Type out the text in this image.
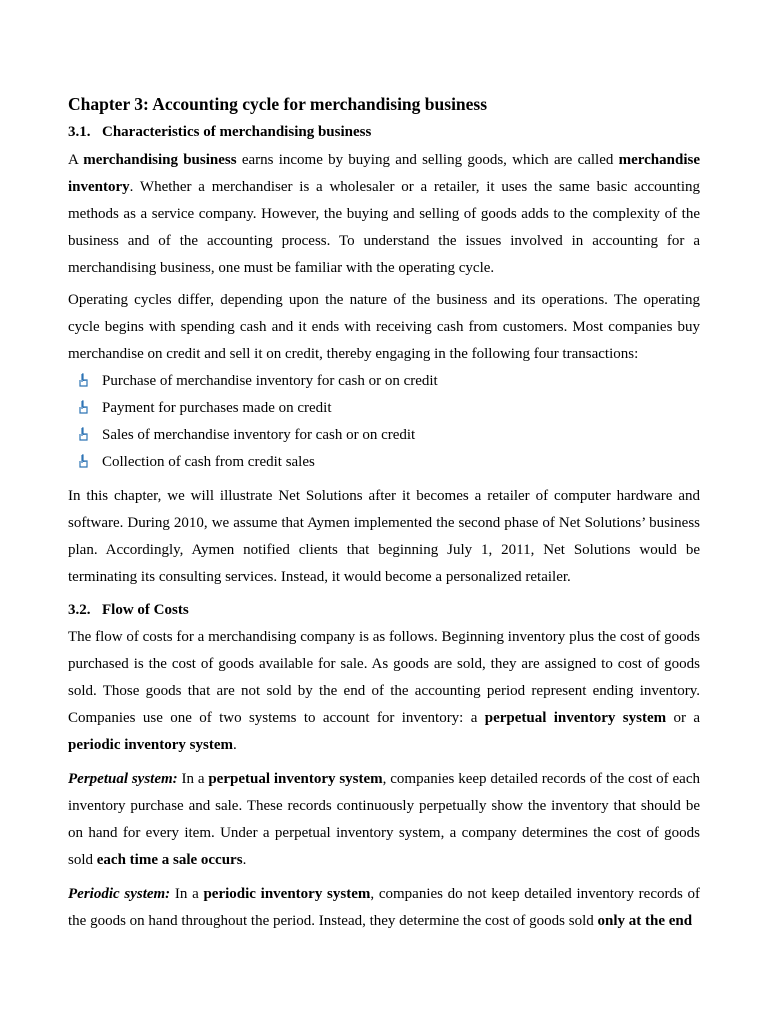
Chapter 3: Accounting cycle for merchandising business
3.1. Characteristics of merchandising business

A merchandising business earns income by buying and selling goods, which are called merchandise inventory. Whether a merchandiser is a wholesaler or a retailer, it uses the same basic accounting methods as a service company. However, the buying and selling of goods adds to the complexity of the business and of the accounting process. To understand the issues involved in accounting for a merchandising business, one must be familiar with the operating cycle.

Operating cycles differ, depending upon the nature of the business and its operations. The operating cycle begins with spending cash and it ends with receiving cash from customers. Most companies buy merchandise on credit and sell it on credit, thereby engaging in the following four transactions:

Purchase of merchandise inventory for cash or on credit
Payment for purchases made on credit
Sales of merchandise inventory for cash or on credit
Collection of cash from credit sales

In this chapter, we will illustrate Net Solutions after it becomes a retailer of computer hardware and software. During 2010, we assume that Aymen implemented the second phase of Net Solutions’ business plan. Accordingly, Aymen notified clients that beginning July 1, 2011, Net Solutions would be terminating its consulting services. Instead, it would become a personalized retailer.

3.2. Flow of Costs

The flow of costs for a merchandising company is as follows. Beginning inventory plus the cost of goods purchased is the cost of goods available for sale. As goods are sold, they are assigned to cost of goods sold. Those goods that are not sold by the end of the accounting period represent ending inventory. Companies use one of two systems to account for inventory: a perpetual inventory system or a periodic inventory system.

Perpetual system: In a perpetual inventory system, companies keep detailed records of the cost of each inventory purchase and sale. These records continuously perpetually show the inventory that should be on hand for every item. Under a perpetual inventory system, a company determines the cost of goods sold each time a sale occurs.

Periodic system: In a periodic inventory system, companies do not keep detailed inventory records of the goods on hand throughout the period. Instead, they determine the cost of goods sold only at the end
